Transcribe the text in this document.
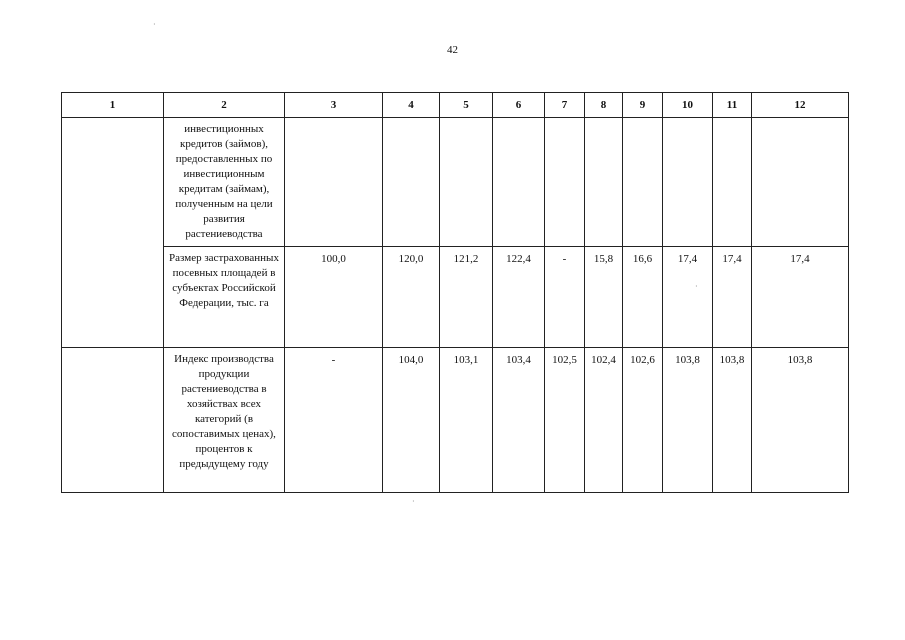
42
·
·
·
1	2	3	4	5	6	7	8	9	10	11	12
	инвестиционных кредитов (займов), предоставленных по инвестиционным кредитам (займам), полученным на цели развития растениеводства										
	Размер застрахованных посевных площадей в субъектах Российской Федерации, тыс. га	100,0	120,0	121,2	122,4	-	15,8	16,6	17,4	17,4	17,4
	Индекс производства продукции растениеводства в хозяйствах всех категорий (в сопоставимых ценах), процентов к предыдущему году	-	104,0	103,1	103,4	102,5	102,4	102,6	103,8	103,8	103,8
